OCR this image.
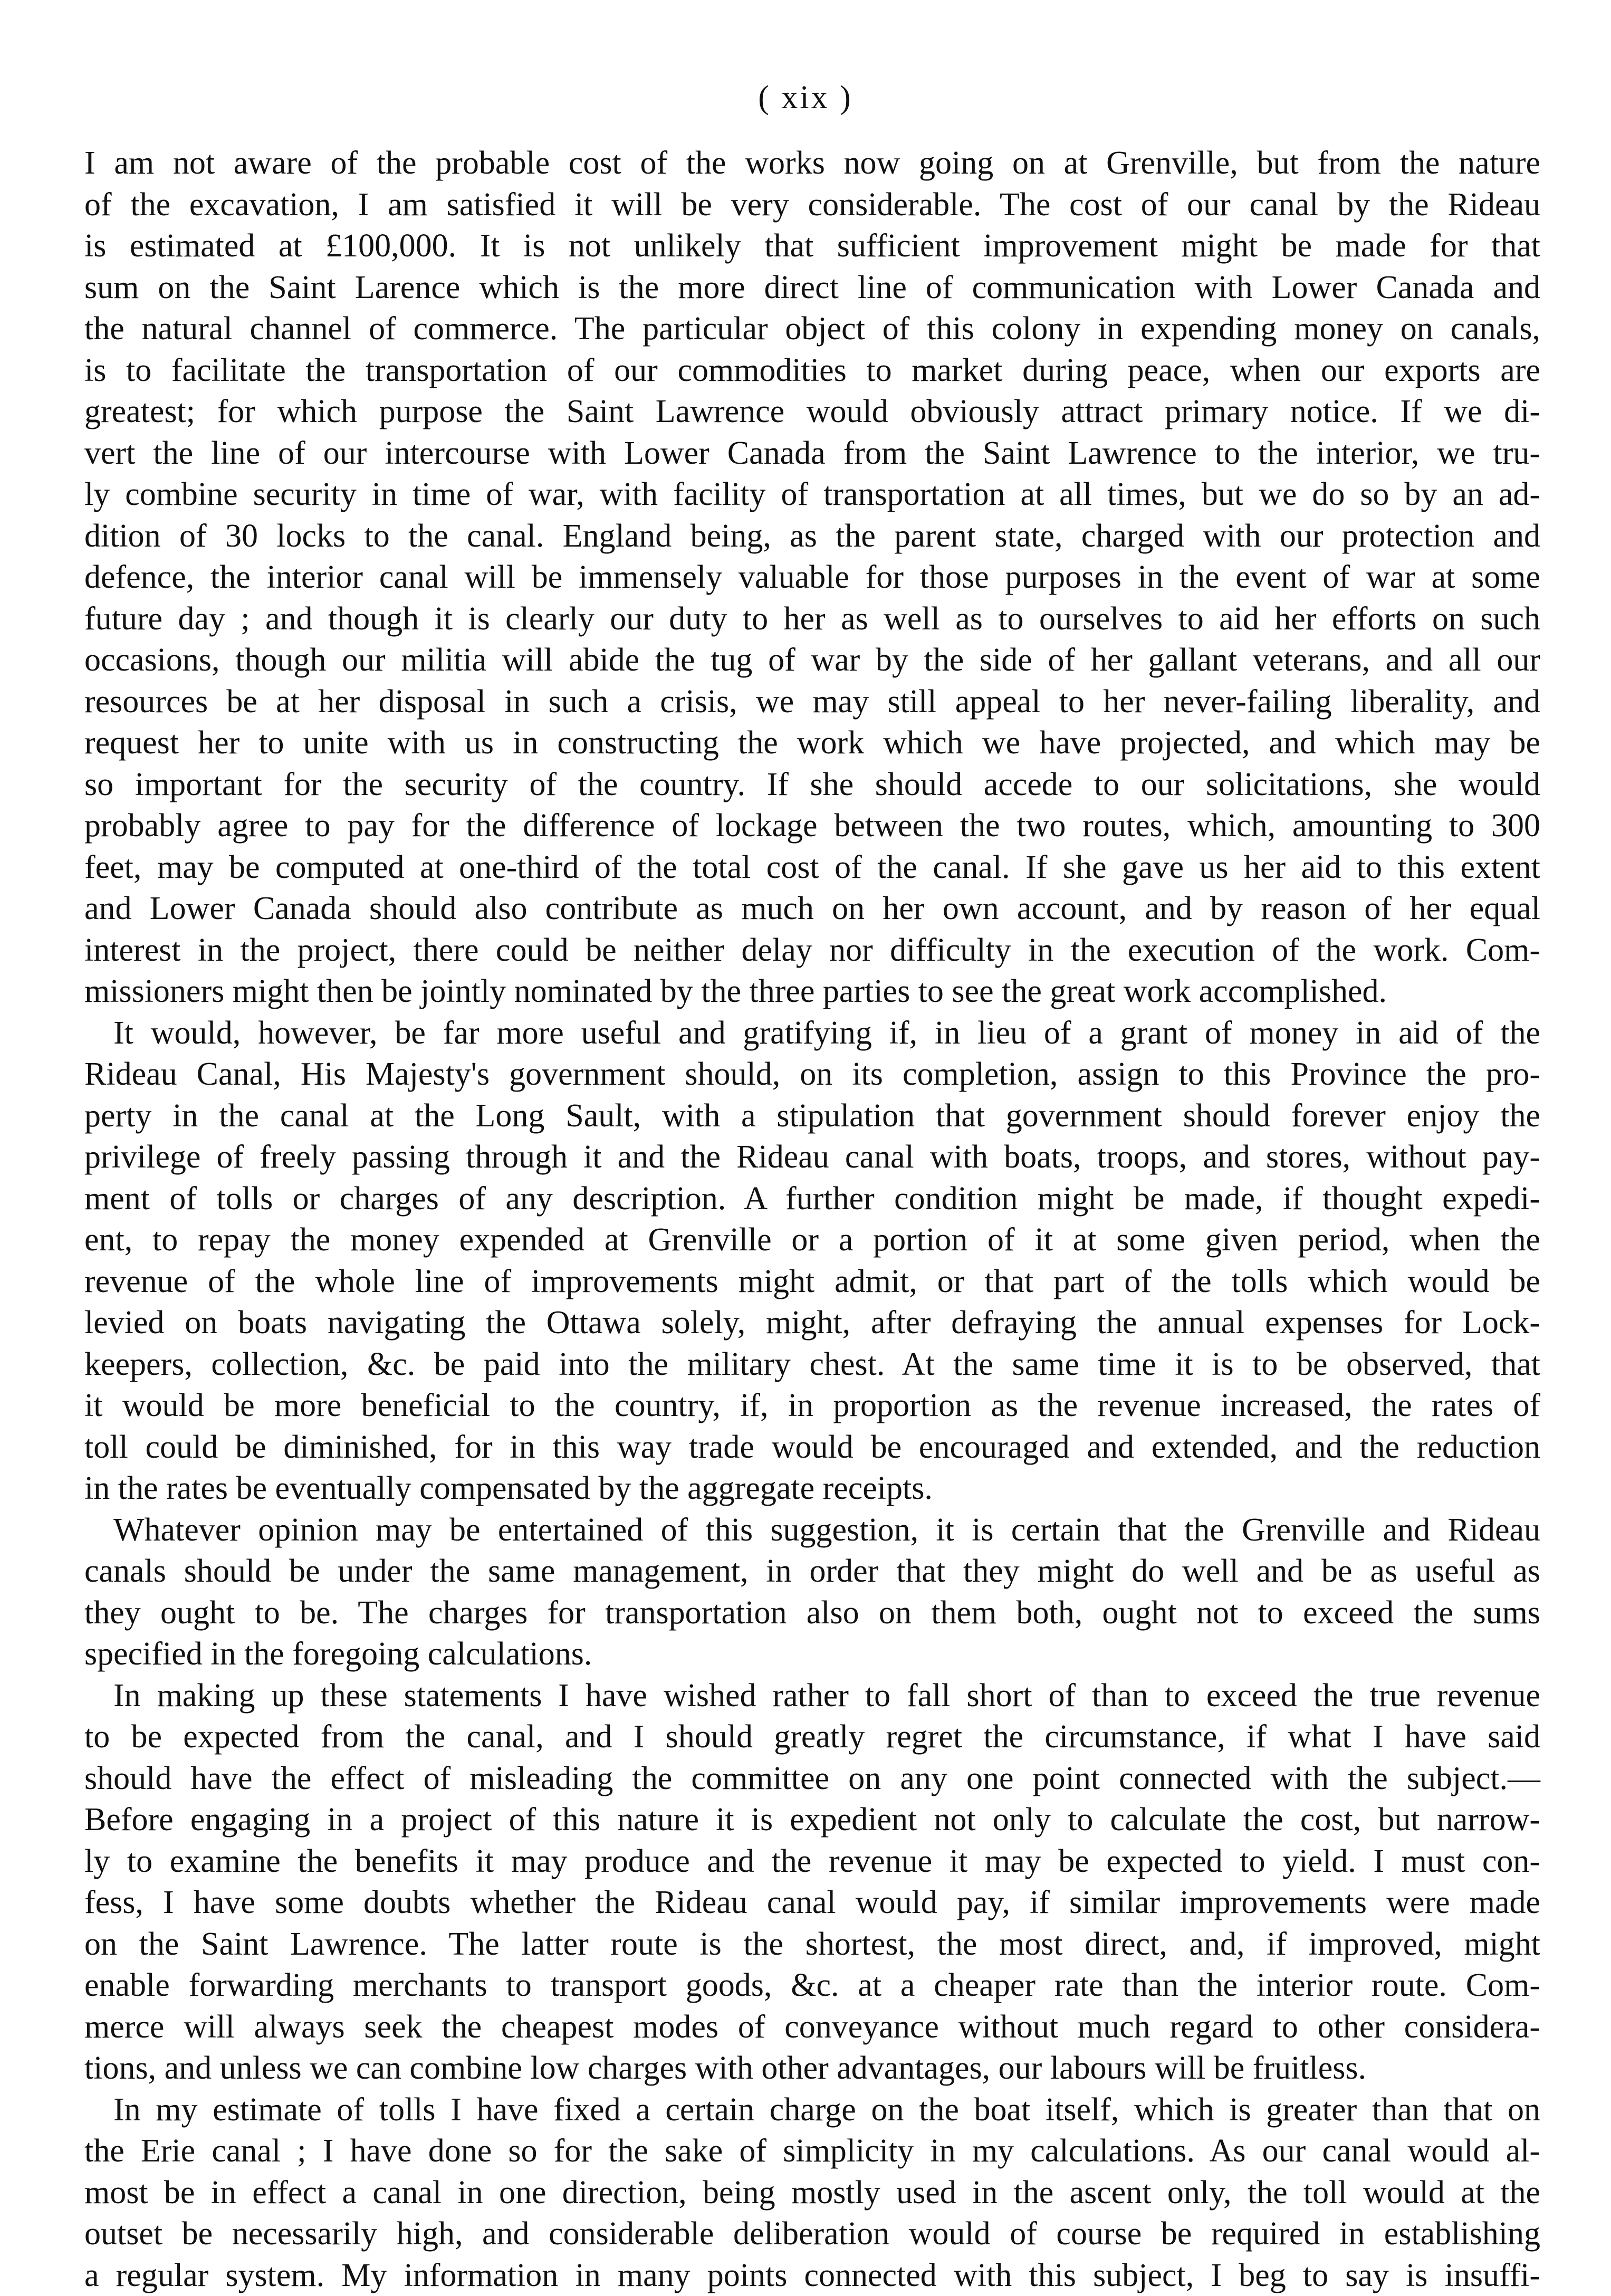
( xix )
I am not aware of the probable cost of the works now going on at Grenville, but from the nature
of the excavation, I am satisfied it will be very considerable. The cost of our canal by the Rideau
is estimated at £100,000. It is not unlikely that sufficient improvement might be made for that
sum on the Saint Larence which is the more direct line of communication with Lower Canada and
the natural channel of commerce. The particular object of this colony in expending money on canals,
is to facilitate the transportation of our commodities to market during peace, when our exports are
greatest; for which purpose the Saint Lawrence would obviously attract primary notice. If we di-
vert the line of our intercourse with Lower Canada from the Saint Lawrence to the interior, we tru-
ly combine security in time of war, with facility of transportation at all times, but we do so by an ad-
dition of 30 locks to the canal. England being, as the parent state, charged with our protection and
defence, the interior canal will be immensely valuable for those purposes in the event of war at some
future day ; and though it is clearly our duty to her as well as to ourselves to aid her efforts on such
occasions, though our militia will abide the tug of war by the side of her gallant veterans, and all our
resources be at her disposal in such a crisis, we may still appeal to her never-failing liberality, and
request her to unite with us in constructing the work which we have projected, and which may be
so important for the security of the country. If she should accede to our solicitations, she would
probably agree to pay for the difference of lockage between the two routes, which, amounting to 300
feet, may be computed at one-third of the total cost of the canal. If she gave us her aid to this extent
and Lower Canada should also contribute as much on her own account, and by reason of her equal
interest in the project, there could be neither delay nor difficulty in the execution of the work. Com-
missioners might then be jointly nominated by the three parties to see the great work accomplished.
It would, however, be far more useful and gratifying if, in lieu of a grant of money in aid of the
Rideau Canal, His Majesty's government should, on its completion, assign to this Province the pro-
perty in the canal at the Long Sault, with a stipulation that government should forever enjoy the
privilege of freely passing through it and the Rideau canal with boats, troops, and stores, without pay-
ment of tolls or charges of any description. A further condition might be made, if thought expedi-
ent, to repay the money expended at Grenville or a portion of it at some given period, when the
revenue of the whole line of improvements might admit, or that part of the tolls which would be
levied on boats navigating the Ottawa solely, might, after defraying the annual expenses for Lock-
keepers, collection, &c. be paid into the military chest. At the same time it is to be observed, that
it would be more beneficial to the country, if, in proportion as the revenue increased, the rates of
toll could be diminished, for in this way trade would be encouraged and extended, and the reduction
in the rates be eventually compensated by the aggregate receipts.
Whatever opinion may be entertained of this suggestion, it is certain that the Grenville and Rideau
canals should be under the same management, in order that they might do well and be as useful as
they ought to be. The charges for transportation also on them both, ought not to exceed the sums
specified in the foregoing calculations.
In making up these statements I have wished rather to fall short of than to exceed the true revenue
to be expected from the canal, and I should greatly regret the circumstance, if what I have said
should have the effect of misleading the committee on any one point connected with the subject.—
Before engaging in a project of this nature it is expedient not only to calculate the cost, but narrow-
ly to examine the benefits it may produce and the revenue it may be expected to yield. I must con-
fess, I have some doubts whether the Rideau canal would pay, if similar improvements were made
on the Saint Lawrence. The latter route is the shortest, the most direct, and, if improved, might
enable forwarding merchants to transport goods, &c. at a cheaper rate than the interior route. Com-
merce will always seek the cheapest modes of conveyance without much regard to other considera-
tions, and unless we can combine low charges with other advantages, our labours will be fruitless.
In my estimate of tolls I have fixed a certain charge on the boat itself, which is greater than that on
the Erie canal ; I have done so for the sake of simplicity in my calculations. As our canal would al-
most be in effect a canal in one direction, being mostly used in the ascent only, the toll would at the
outset be necessarily high, and considerable deliberation would of course be required in establishing
a regular system. My information in many points connected with this subject, I beg to say is insuffi-
